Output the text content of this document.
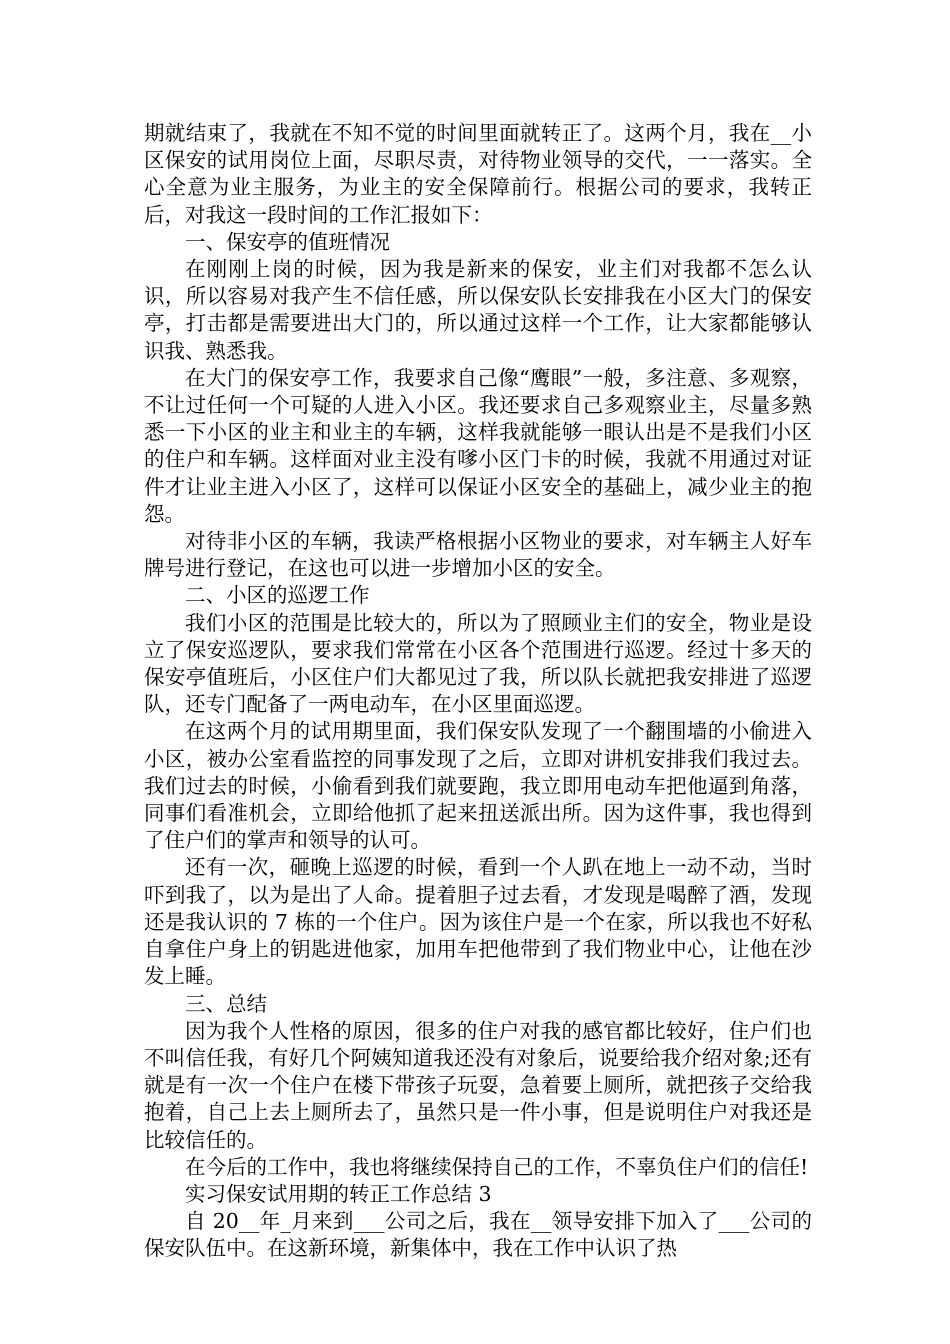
期就结束了，我就在不知不觉的时间里面就转正了。这两个月，我在__小区保安的试用岗位上面，尽职尽责，对待物业领导的交代，一一落实。全心全意为业主服务，为业主的安全保障前行。根据公司的要求，我转正后，对我这一段时间的工作汇报如下：

一、保安亭的值班情况

在刚刚上岗的时候，因为我是新来的保安，业主们对我都不怎么认识，所以容易对我产生不信任感，所以保安队长安排我在小区大门的保安亭，打击都是需要进出大门的，所以通过这样一个工作，让大家都能够认识我、熟悉我。

在大门的保安亭工作，我要求自己像“鹰眼”一般，多注意、多观察，不让过任何一个可疑的人进入小区。我还要求自己多观察业主，尽量多熟悉一下小区的业主和业主的车辆，这样我就能够一眼认出是不是我们小区的住户和车辆。这样面对业主没有嗲小区门卡的时候，我就不用通过对证件才让业主进入小区了，这样可以保证小区安全的基础上，减少业主的抱怨。

对待非小区的车辆，我读严格根据小区物业的要求，对车辆主人好车牌号进行登记，在这也可以进一步增加小区的安全。

二、小区的巡逻工作

我们小区的范围是比较大的，所以为了照顾业主们的安全，物业是设立了保安巡逻队，要求我们常常在小区各个范围进行巡逻。经过十多天的保安亭值班后，小区住户们大都见过了我，所以队长就把我安排进了巡逻队，还专门配备了一两电动车，在小区里面巡逻。

在这两个月的试用期里面，我们保安队发现了一个翻围墙的小偷进入小区，被办公室看监控的同事发现了之后，立即对讲机安排我们我过去。我们过去的时候，小偷看到我们就要跑，我立即用电动车把他逼到角落，同事们看准机会，立即给他抓了起来扭送派出所。因为这件事，我也得到了住户们的掌声和领导的认可。

还有一次，砸晚上巡逻的时候，看到一个人趴在地上一动不动，当时吓到我了，以为是出了人命。提着胆子过去看，才发现是喝醉了酒，发现还是我认识的 7 栋的一个住户。因为该住户是一个在家，所以我也不好私自拿住户身上的钥匙进他家，加用车把他带到了我们物业中心，让他在沙发上睡。

三、总结

因为我个人性格的原因，很多的住户对我的感官都比较好，住户们也不叫信任我，有好几个阿姨知道我还没有对象后，说要给我介绍对象;还有就是有一次一个住户在楼下带孩子玩耍，急着要上厕所，就把孩子交给我抱着，自己上去上厕所去了，虽然只是一件小事，但是说明住户对我还是比较信任的。

在今后的工作中，我也将继续保持自己的工作，不辜负住户们的信任!

实习保安试用期的转正工作总结 3

自 20__年_月来到___公司之后，我在__领导安排下加入了___公司的保安队伍中。在这新环境，新集体中，我在工作中认识了热
